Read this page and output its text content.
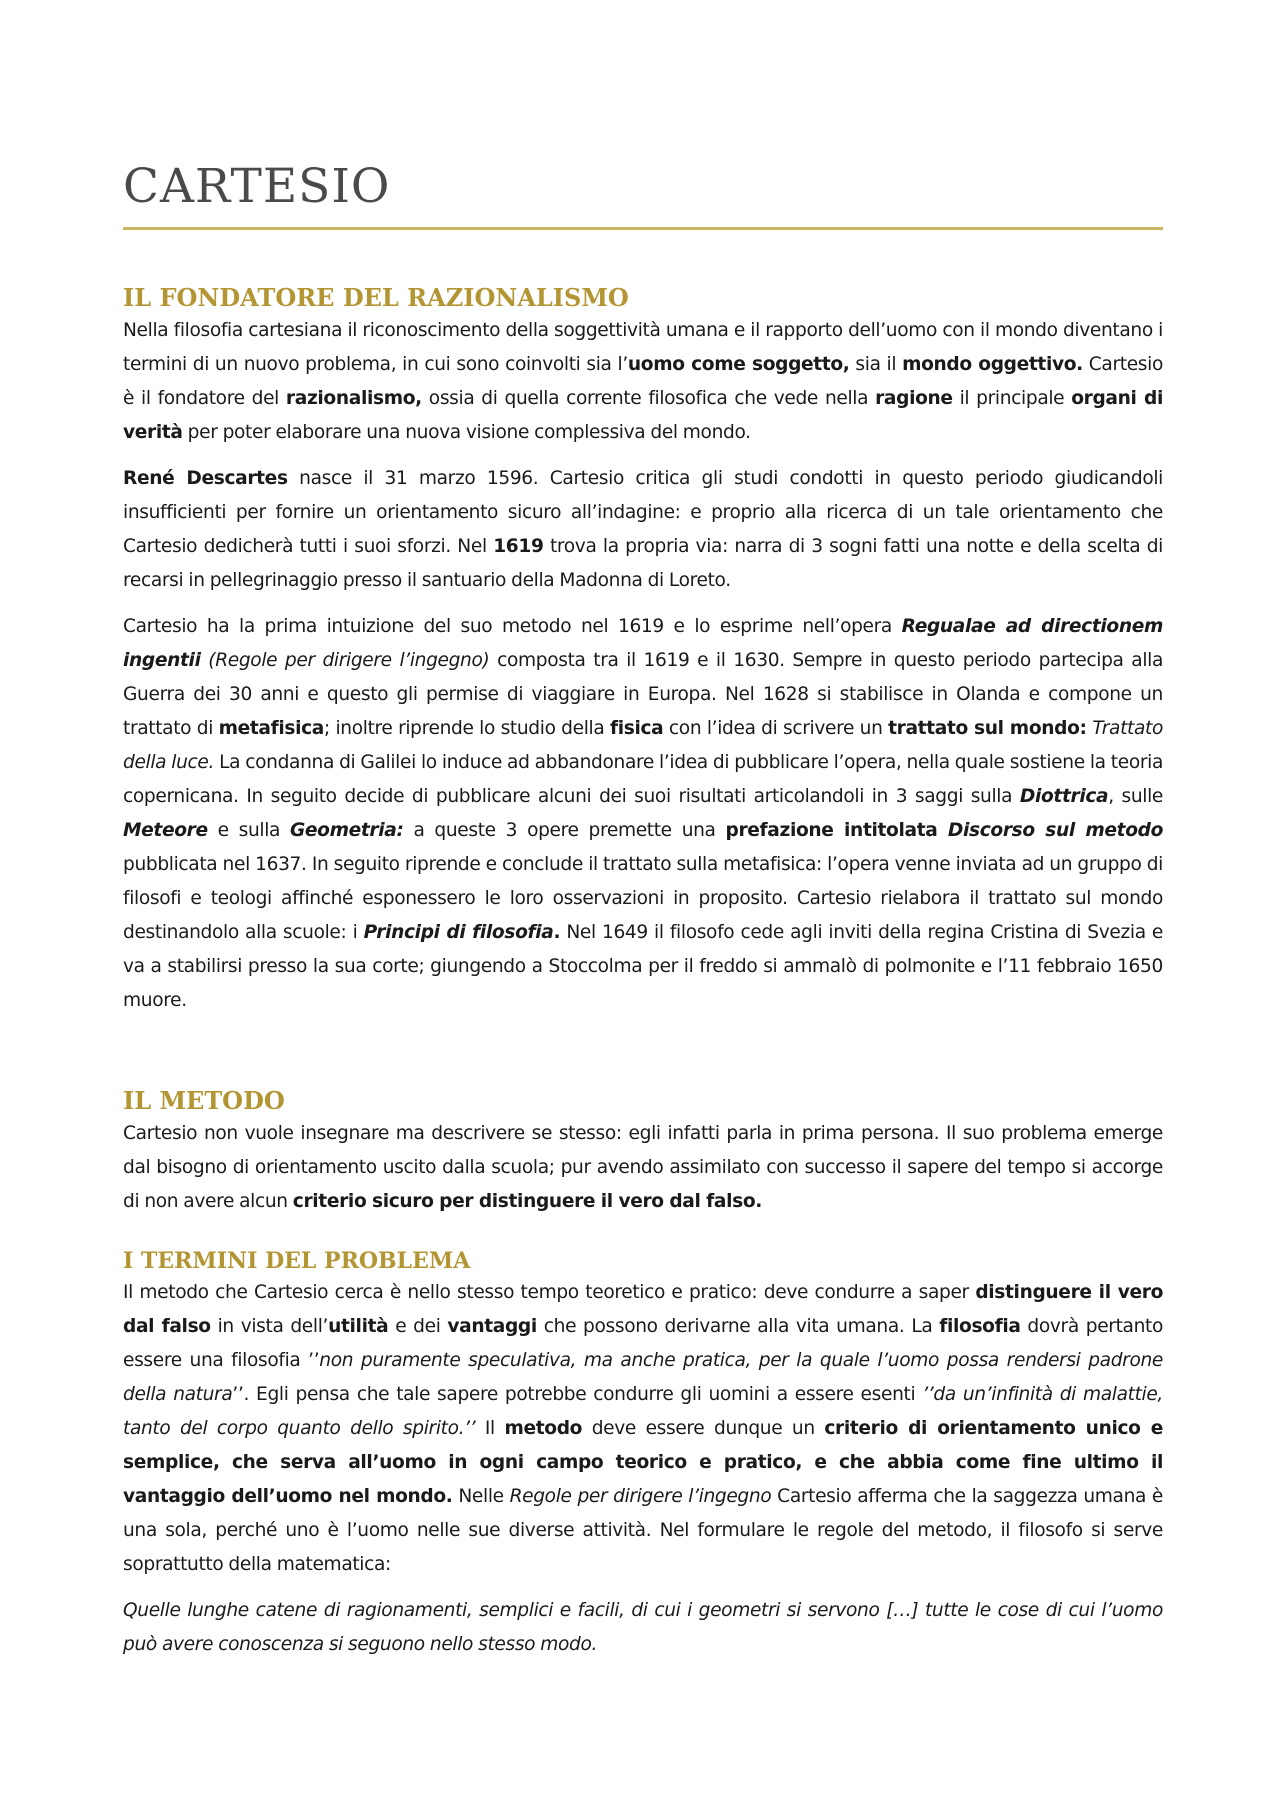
CARTESIO
IL FONDATORE DEL RAZIONALISMO

Nella filosofia cartesiana il riconoscimento della soggettività umana e il rapporto dell’uomo con il mondo diventano i termini di un nuovo problema, in cui sono coinvolti sia l’uomo come soggetto, sia il mondo oggettivo. Cartesio è il fondatore del razionalismo, ossia di quella corrente filosofica che vede nella ragione il principale organi di verità per poter elaborare una nuova visione complessiva del mondo.

René Descartes nasce il 31 marzo 1596. Cartesio critica gli studi condotti in questo periodo giudicandoli insufficienti per fornire un orientamento sicuro all’indagine: e proprio alla ricerca di un tale orientamento che Cartesio dedicherà tutti i suoi sforzi. Nel 1619 trova la propria via: narra di 3 sogni fatti una notte e della scelta di recarsi in pellegrinaggio presso il santuario della Madonna di Loreto.

Cartesio ha la prima intuizione del suo metodo nel 1619 e lo esprime nell’opera Regualae ad directionem ingentii (Regole per dirigere l’ingegno) composta tra il 1619 e il 1630. Sempre in questo periodo partecipa alla Guerra dei 30 anni e questo gli permise di viaggiare in Europa. Nel 1628 si stabilisce in Olanda e compone un trattato di metafisica; inoltre riprende lo studio della fisica con l’idea di scrivere un trattato sul mondo: Trattato della luce. La condanna di Galilei lo induce ad abbandonare l’idea di pubblicare l’opera, nella quale sostiene la teoria copernicana. In seguito decide di pubblicare alcuni dei suoi risultati articolandoli in 3 saggi sulla Diottrica, sulle Meteore e sulla Geometria: a queste 3 opere premette una prefazione intitolata Discorso sul metodo pubblicata nel 1637. In seguito riprende e conclude il trattato sulla metafisica: l’opera venne inviata ad un gruppo di filosofi e teologi affinché esponessero le loro osservazioni in proposito. Cartesio rielabora il trattato sul mondo destinandolo alla scuole: i Principi di filosofia. Nel 1649 il filosofo cede agli inviti della regina Cristina di Svezia e va a stabilirsi presso la sua corte; giungendo a Stoccolma per il freddo si ammalò di polmonite e l’11 febbraio 1650 muore.

IL METODO

Cartesio non vuole insegnare ma descrivere se stesso: egli infatti parla in prima persona. Il suo problema emerge dal bisogno di orientamento uscito dalla scuola; pur avendo assimilato con successo il sapere del tempo si accorge di non avere alcun criterio sicuro per distinguere il vero dal falso.

I TERMINI DEL PROBLEMA

Il metodo che Cartesio cerca è nello stesso tempo teoretico e pratico: deve condurre a saper distinguere il vero dal falso in vista dell’utilità e dei vantaggi che possono derivarne alla vita umana. La filosofia dovrà pertanto essere una filosofia ’’non puramente speculativa, ma anche pratica, per la quale l’uomo possa rendersi padrone della natura’’. Egli pensa che tale sapere potrebbe condurre gli uomini a essere esenti ’’da un’infinità di malattie, tanto del corpo quanto dello spirito.’’ Il metodo deve essere dunque un criterio di orientamento unico e semplice, che serva all’uomo in ogni campo teorico e pratico, e che abbia come fine ultimo il vantaggio dell’uomo nel mondo. Nelle Regole per dirigere l’ingegno Cartesio afferma che la saggezza umana è una sola, perché uno è l’uomo nelle sue diverse attività. Nel formulare le regole del metodo, il filosofo si serve soprattutto della matematica:

Quelle lunghe catene di ragionamenti, semplici e facili, di cui i geometri si servono […] tutte le cose di cui l’uomo può avere conoscenza si seguono nello stesso modo.
